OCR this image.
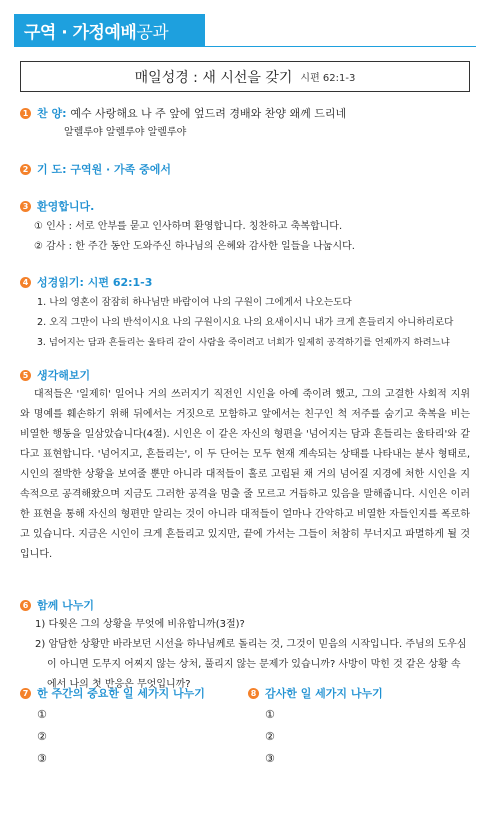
구역 · 가정예배 공과
매일성경 : 새 시선을 갖기 시편 62:1-3
1 찬 양: 예수 사랑해요 나 주 앞에 엎드려 경배와 찬양 왜께 드리네
알렐루야 알렐루야 알렐루야
2 기 도: 구역원 · 가족 중에서
3 환영합니다.
① 인사 : 서로 안부를 묻고 인사하며 환영합니다. 칭찬하고 축복합니다.
② 감사 : 한 주간 동안 도와주신 하나님의 은혜와 감사한 일들을 나눕시다.
4 성경읽기: 시편 62:1-3
1. 나의 영혼이 잠잠히 하나님만 바람이여 나의 구원이 그에게서 나오는도다
2. 오직 그만이 나의 반석이시요 나의 구원이시요 나의 요새이시니 내가 크게 흔들리지 아니하리로다
3. 넘어지는 담과 흔들리는 울타리 같이 사람을 죽이려고 너희가 일제히 공격하기를 언제까지 하려느냐
5 생각해보기
대적들은 '일제히' 일어나 거의 쓰러지기 직전인 시인을 아예 죽이려 했고, 그의 고결한 사회적 지위와 명예를 훼손하기 위해 뒤에서는 거짓으로 모함하고 앞에서는 친구인 척 저주를 숨기고 축복을 비는 비열한 행동을 일삼았습니다(4절). 시인은 이 같은 자신의 형편을 '넘어지는 담과 흔들리는 울타리'와 같다고 표현합니다. '넘어지고, 흔들리는', 이 두 단어는 모두 현재 계속되는 상태를 나타내는 분사 형태로, 시인의 절박한 상황을 보여줄 뿐만 아니라 대적들이 홀로 고립된 채 거의 넘어질 지경에 처한 시인을 지속적으로 공격해왔으며 지금도 그러한 공격을 멈출 줄 모르고 거듭하고 있음을 말해줍니다. 시인은 이러한 표현을 통해 자신의 형편만 알리는 것이 아니라 대적들이 얼마나 간악하고 비열한 자들인지를 폭로하고 있습니다. 지금은 시인이 크게 흔들리고 있지만, 끝에 가서는 그들이 처참히 무너지고 파멸하게 될 것입니다.
6 함께 나누기
1) 다윗은 그의 상황을 무엇에 비유합니까(3절)?
2) 암담한 상황만 바라보던 시선을 하나님께로 돌리는 것, 그것이 믿음의 시작입니다. 주님의 도우심이 아니면 도무지 어찌지 않는 상처, 풀리지 않는 문제가 있습니까? 사방이 막힌 것 같은 상황 속에서 나의 첫 반응은 무엇입니까?
7 한 주간의 중요한 일 세가지 나누기
①
②
③
8 감사한 일 세가지 나누기
①
②
③
